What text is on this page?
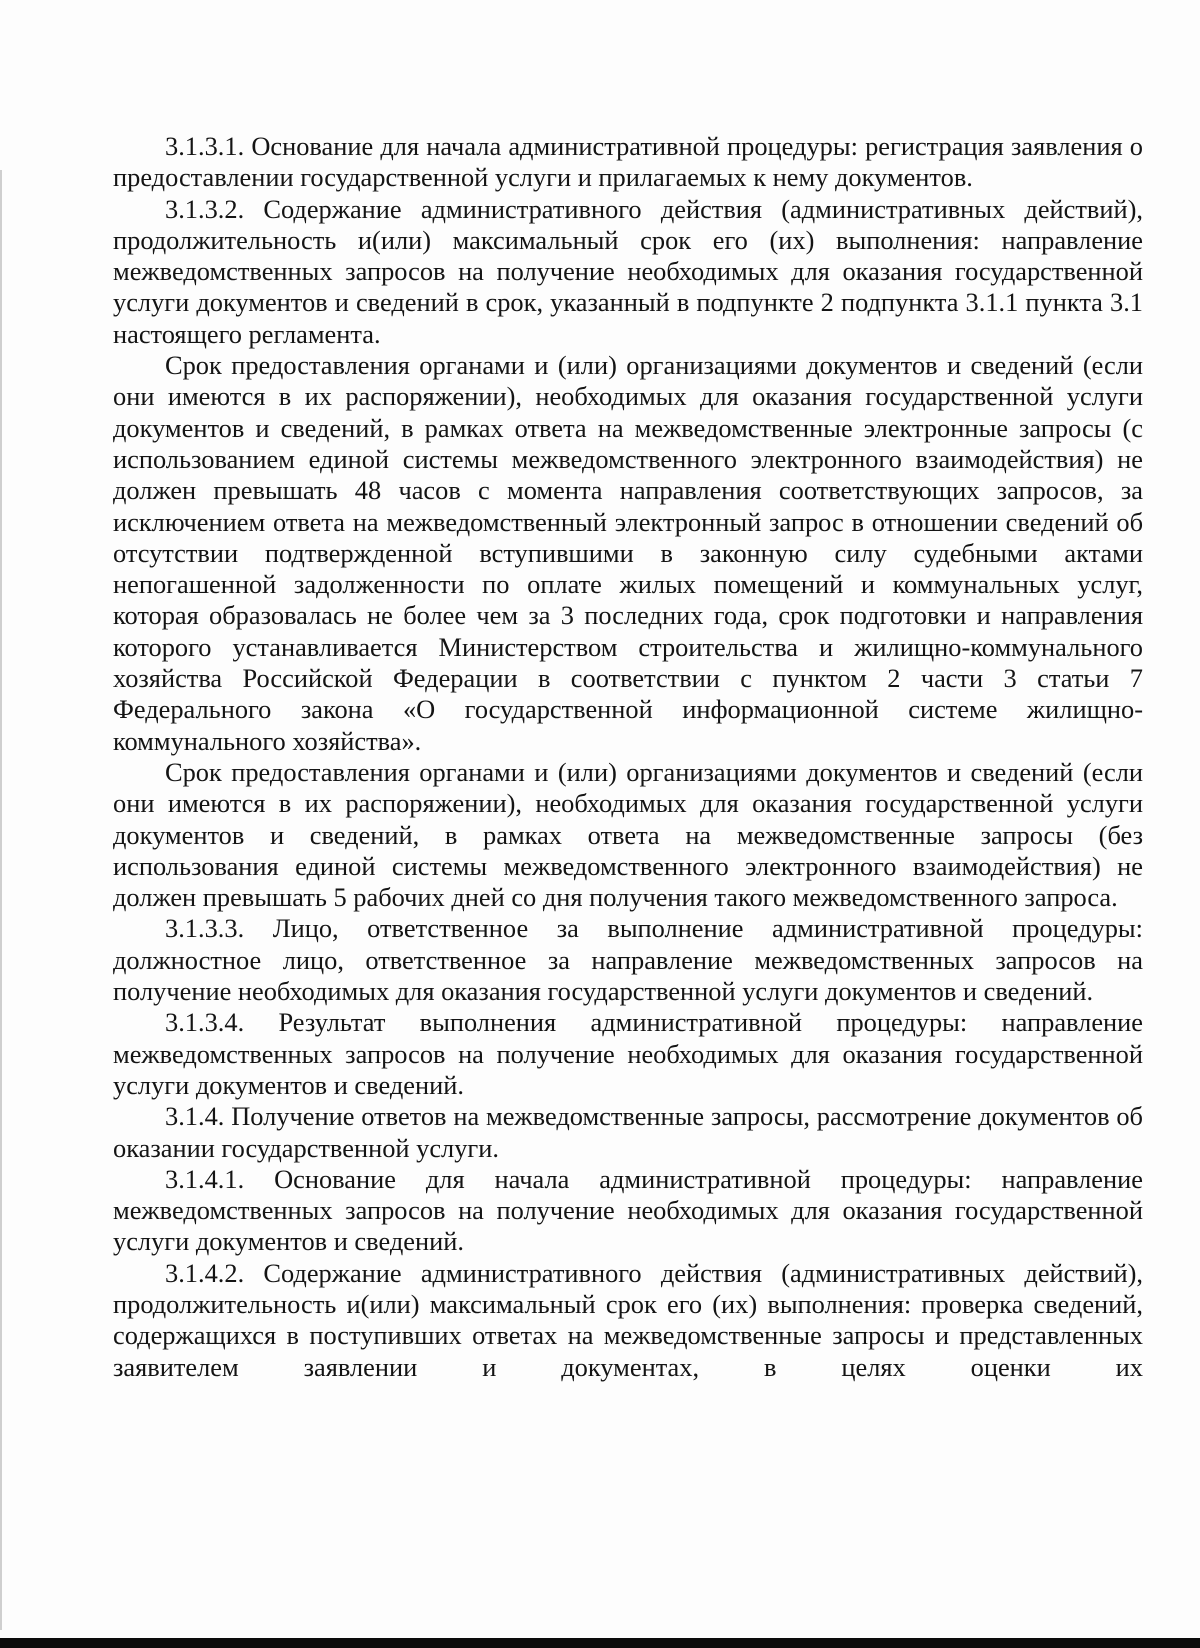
3.1.3.1. Основание для начала административной процедуры: регистрация заявления о предоставлении государственной услуги и прилагаемых к нему документов.

3.1.3.2. Содержание административного действия (административных действий), продолжительность и(или) максимальный срок его (их) выполнения: направление межведомственных запросов на получение необходимых для оказания государственной услуги документов и сведений в срок, указанный в подпункте 2 подпункта 3.1.1 пункта 3.1 настоящего регламента.

Срок предоставления органами и (или) организациями документов и сведений (если они имеются в их распоряжении), необходимых для оказания государственной услуги документов и сведений, в рамках ответа на межведомственные электронные запросы (с использованием единой системы межведомственного электронного взаимодействия) не должен превышать 48 часов с момента направления соответствующих запросов, за исключением ответа на межведомственный электронный запрос в отношении сведений об отсутствии подтвержденной вступившими в законную силу судебными актами непогашенной задолженности по оплате жилых помещений и коммунальных услуг, которая образовалась не более чем за 3 последних года, срок подготовки и направления которого устанавливается Министерством строительства и жилищно-коммунального хозяйства Российской Федерации в соответствии с пунктом 2 части 3 статьи 7 Федерального закона «О государственной информационной системе жилищно-коммунального хозяйства».

Срок предоставления органами и (или) организациями документов и сведений (если они имеются в их распоряжении), необходимых для оказания государственной услуги документов и сведений, в рамках ответа на межведомственные запросы (без использования единой системы межведомственного электронного взаимодействия) не должен превышать 5 рабочих дней со дня получения такого межведомственного запроса.

3.1.3.3. Лицо, ответственное за выполнение административной процедуры: должностное лицо, ответственное за направление межведомственных запросов на получение необходимых для оказания государственной услуги документов и сведений.

3.1.3.4. Результат выполнения административной процедуры: направление межведомственных запросов на получение необходимых для оказания государственной услуги документов и сведений.

3.1.4. Получение ответов на межведомственные запросы, рассмотрение документов об оказании государственной услуги.

3.1.4.1. Основание для начала административной процедуры: направление межведомственных запросов на получение необходимых для оказания государственной услуги документов и сведений.

3.1.4.2. Содержание административного действия (административных действий), продолжительность и(или) максимальный срок его (их) выполнения: проверка сведений, содержащихся в поступивших ответах на межведомственные запросы и представленных заявителем заявлении и документах, в целях оценки их
